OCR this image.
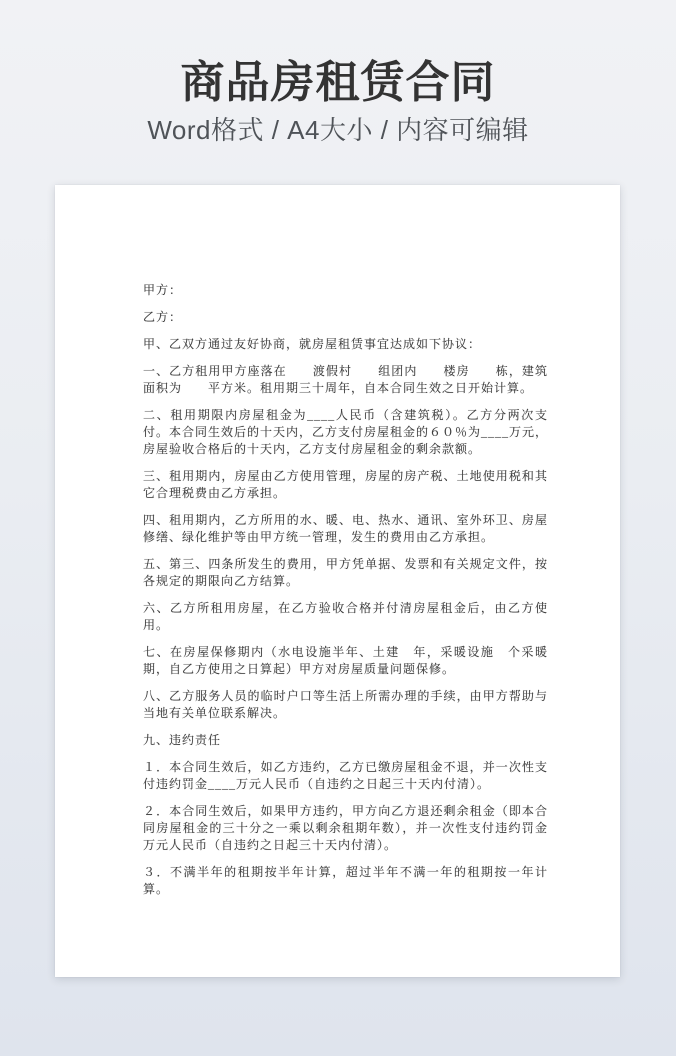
商品房租赁合同

Word格式 / A4大小 / 内容可编辑

甲方：

乙方：

甲、乙双方通过友好协商，就房屋租赁事宜达成如下协议：

一、乙方租用甲方座落在　　渡假村　　组团内　　楼房　　栋，建筑面积为　　平方米。租用期三十周年，自本合同生效之日开始计算。

二、租用期限内房屋租金为____人民币（含建筑税）。乙方分两次支付。本合同生效后的十天内，乙方支付房屋租金的６０％为____万元，房屋验收合格后的十天内，乙方支付房屋租金的剩余款额。

三、租用期内，房屋由乙方使用管理，房屋的房产税、土地使用税和其它合理税费由乙方承担。

四、租用期内，乙方所用的水、暖、电、热水、通讯、室外环卫、房屋修缮、绿化维护等由甲方统一管理，发生的费用由乙方承担。

五、第三、四条所发生的费用，甲方凭单据、发票和有关规定文件，按各规定的期限向乙方结算。

六、乙方所租用房屋，在乙方验收合格并付清房屋租金后，由乙方使用。

七、在房屋保修期内（水电设施半年、土建　年，采暖设施　个采暖期，自乙方使用之日算起）甲方对房屋质量问题保修。

八、乙方服务人员的临时户口等生活上所需办理的手续，由甲方帮助与当地有关单位联系解决。

九、违约责任

１．本合同生效后，如乙方违约，乙方已缴房屋租金不退，并一次性支付违约罚金____万元人民币（自违约之日起三十天内付清）。

２．本合同生效后，如果甲方违约，甲方向乙方退还剩余租金（即本合同房屋租金的三十分之一乘以剩余租期年数），并一次性支付违约罚金　　万元人民币（自违约之日起三十天内付清）。

３．不满半年的租期按半年计算，超过半年不满一年的租期按一年计算。
